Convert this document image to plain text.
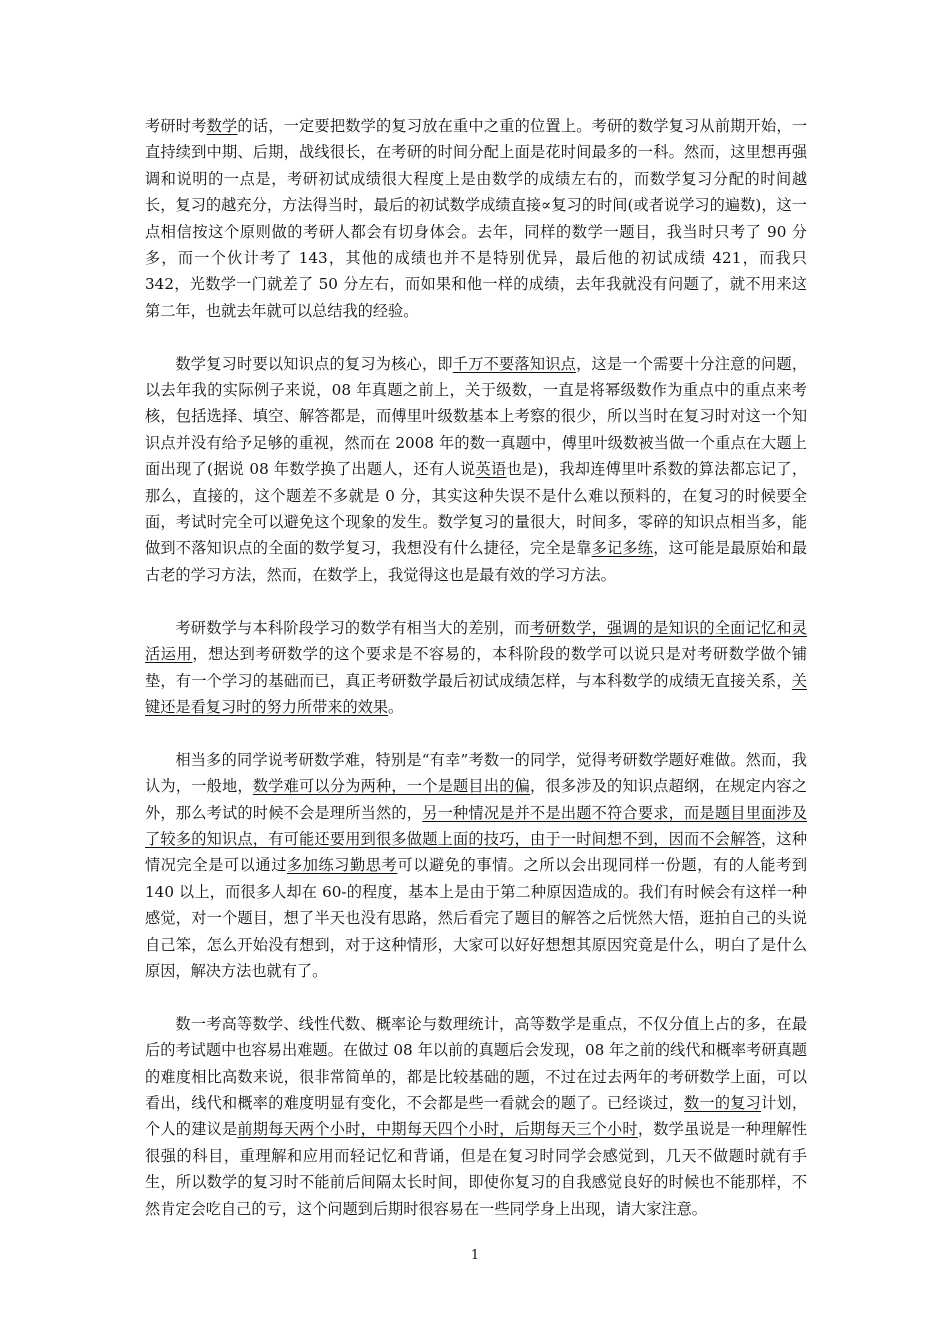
考研时考数学的话，一定要把数学的复习放在重中之重的位置上。考研的数学复习从前期开始，一直持续到中期、后期，战线很长，在考研的时间分配上面是花时间最多的一科。然而，这里想再强调和说明的一点是，考研初试成绩很大程度上是由数学的成绩左右的，而数学复习分配的时间越长，复习的越充分，方法得当时，最后的初试数学成绩直接∝复习的时间(或者说学习的遍数)，这一点相信按这个原则做的考研人都会有切身体会。去年，同样的数学一题目，我当时只考了 90 分多，而一个伙计考了 143，其他的成绩也并不是特别优异，最后他的初试成绩 421，而我只 342，光数学一门就差了 50 分左右，而如果和他一样的成绩，去年我就没有问题了，就不用来这第二年，也就去年就可以总结我的经验。

数学复习时要以知识点的复习为核心，即千万不要落知识点，这是一个需要十分注意的问题，以去年我的实际例子来说，08 年真题之前上，关于级数，一直是将幂级数作为重点中的重点来考核，包括选择、填空、解答都是，而傅里叶级数基本上考察的很少，所以当时在复习时对这一个知识点并没有给予足够的重视，然而在 2008 年的数一真题中，傅里叶级数被当做一个重点在大题上面出现了(据说 08 年数学换了出题人，还有人说英语也是)，我却连傅里叶系数的算法都忘记了，那么，直接的，这个题差不多就是 0 分，其实这种失误不是什么难以预料的，在复习的时候要全面，考试时完全可以避免这个现象的发生。数学复习的量很大，时间多，零碎的知识点相当多，能做到不落知识点的全面的数学复习，我想没有什么捷径，完全是靠多记多练，这可能是最原始和最古老的学习方法，然而，在数学上，我觉得这也是最有效的学习方法。

考研数学与本科阶段学习的数学有相当大的差别，而考研数学，强调的是知识的全面记忆和灵活运用，想达到考研数学的这个要求是不容易的，本科阶段的数学可以说只是对考研数学做个铺垫，有一个学习的基础而已，真正考研数学最后初试成绩怎样，与本科数学的成绩无直接关系，关键还是看复习时的努力所带来的效果。

相当多的同学说考研数学难，特别是“有幸”考数一的同学，觉得考研数学题好难做。然而，我认为，一般地，数学难可以分为两种，一个是题目出的偏，很多涉及的知识点超纲，在规定内容之外，那么考试的时候不会是理所当然的，另一种情况是并不是出题不符合要求，而是题目里面涉及了较多的知识点，有可能还要用到很多做题上面的技巧，由于一时间想不到，因而不会解答，这种情况完全是可以通过多加练习勤思考可以避免的事情。之所以会出现同样一份题，有的人能考到 140 以上，而很多人却在 60-的程度，基本上是由于第二种原因造成的。我们有时候会有这样一种感觉，对一个题目，想了半天也没有思路，然后看完了题目的解答之后恍然大悟，逛拍自己的头说自己笨，怎么开始没有想到，对于这种情形，大家可以好好想想其原因究竟是什么，明白了是什么原因，解决方法也就有了。

数一考高等数学、线性代数、概率论与数理统计，高等数学是重点，不仅分值上占的多，在最后的考试题中也容易出难题。在做过 08 年以前的真题后会发现，08 年之前的线代和概率考研真题的难度相比高数来说，很非常简单的，都是比较基础的题，不过在过去两年的考研数学上面，可以看出，线代和概率的难度明显有变化，不会都是些一看就会的题了。已经谈过，数一的复习计划，个人的建议是前期每天两个小时，中期每天四个小时，后期每天三个小时，数学虽说是一种理解性很强的科目，重理解和应用而轻记忆和背诵，但是在复习时同学会感觉到，几天不做题时就有手生，所以数学的复习时不能前后间隔太长时间，即使你复习的自我感觉良好的时候也不能那样，不然肯定会吃自己的亏，这个问题到后期时很容易在一些同学身上出现，请大家注意。

1
